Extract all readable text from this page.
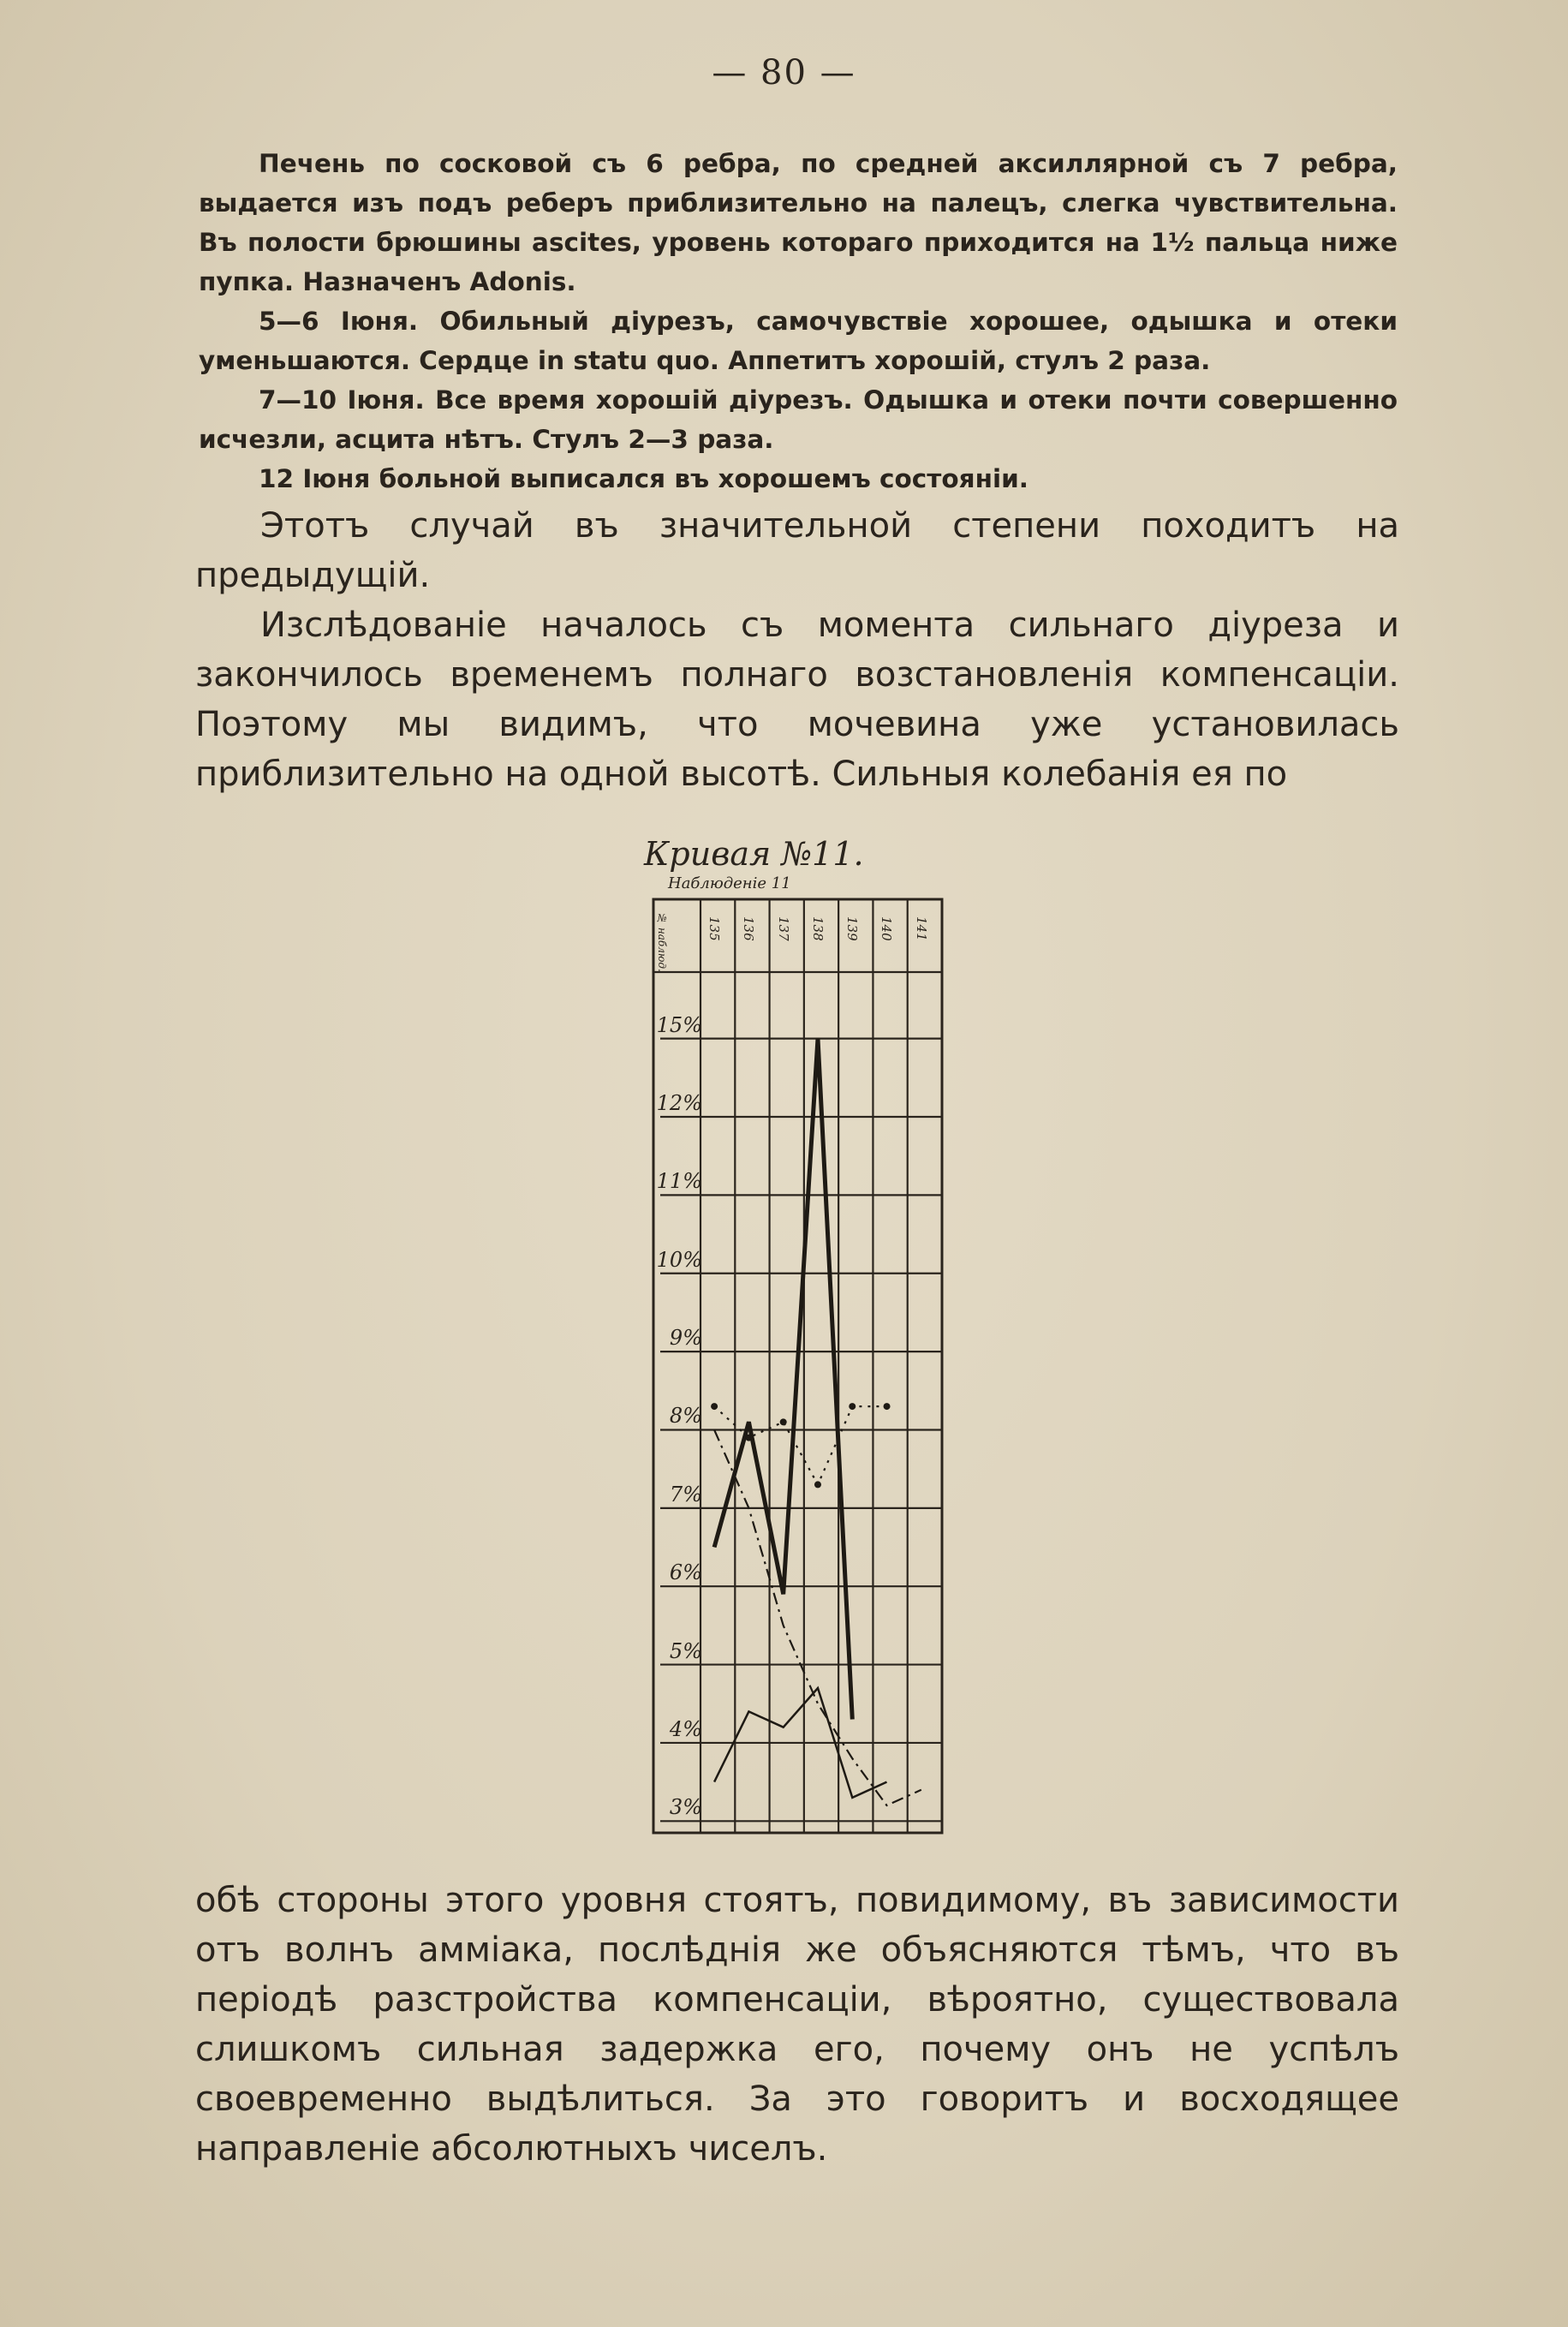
— 80 —

Печень по сосковой съ 6 ребра, по средней аксиллярной съ 7 ребра, выдается изъ подъ реберъ приблизительно на палецъ, слегка чувствительна. Въ полости брюшины ascites, уровень котораго приходится на 1½ пальца ниже пупка. Назначенъ Adonis.

5—6 Іюня. Обильный діурезъ, самочувствіе хорошее, одышка и отеки уменьшаются. Сердце in statu quo. Аппетитъ хорошій, стулъ 2 раза.

7—10 Іюня. Все время хорошій діурезъ. Одышка и отеки почти совершенно исчезли, асцита нѣтъ. Стулъ 2—3 раза.

12 Іюня больной выписался въ хорошемъ состояніи.

Этотъ случай въ значительной степени походитъ на предыдущій.

Изслѣдованіе началось съ момента сильнаго діуреза и закончилось временемъ полнаго возстановленія компенсаціи. Поэтому мы видимъ, что мочевина уже установилась приблизительно на одной высотѣ. Сильныя колебанія ея по

Кривая №11.
Наблюденіе 11
№ наблюд.	135 136 137 138 139 140 141
15%
12%
11%
10%
9%
8%
7%
6%
5%
4%
3%

обѣ стороны этого уровня стоятъ, повидимому, въ зависимости отъ волнъ амміака, послѣднія же объясняются тѣмъ, что въ періодѣ разстройства компенсаціи, вѣроятно, существовала слишкомъ сильная задержка его, почему онъ не успѣлъ своевременно выдѣлиться. За это говоритъ и восходящее направленіе абсолютныхъ чиселъ.
